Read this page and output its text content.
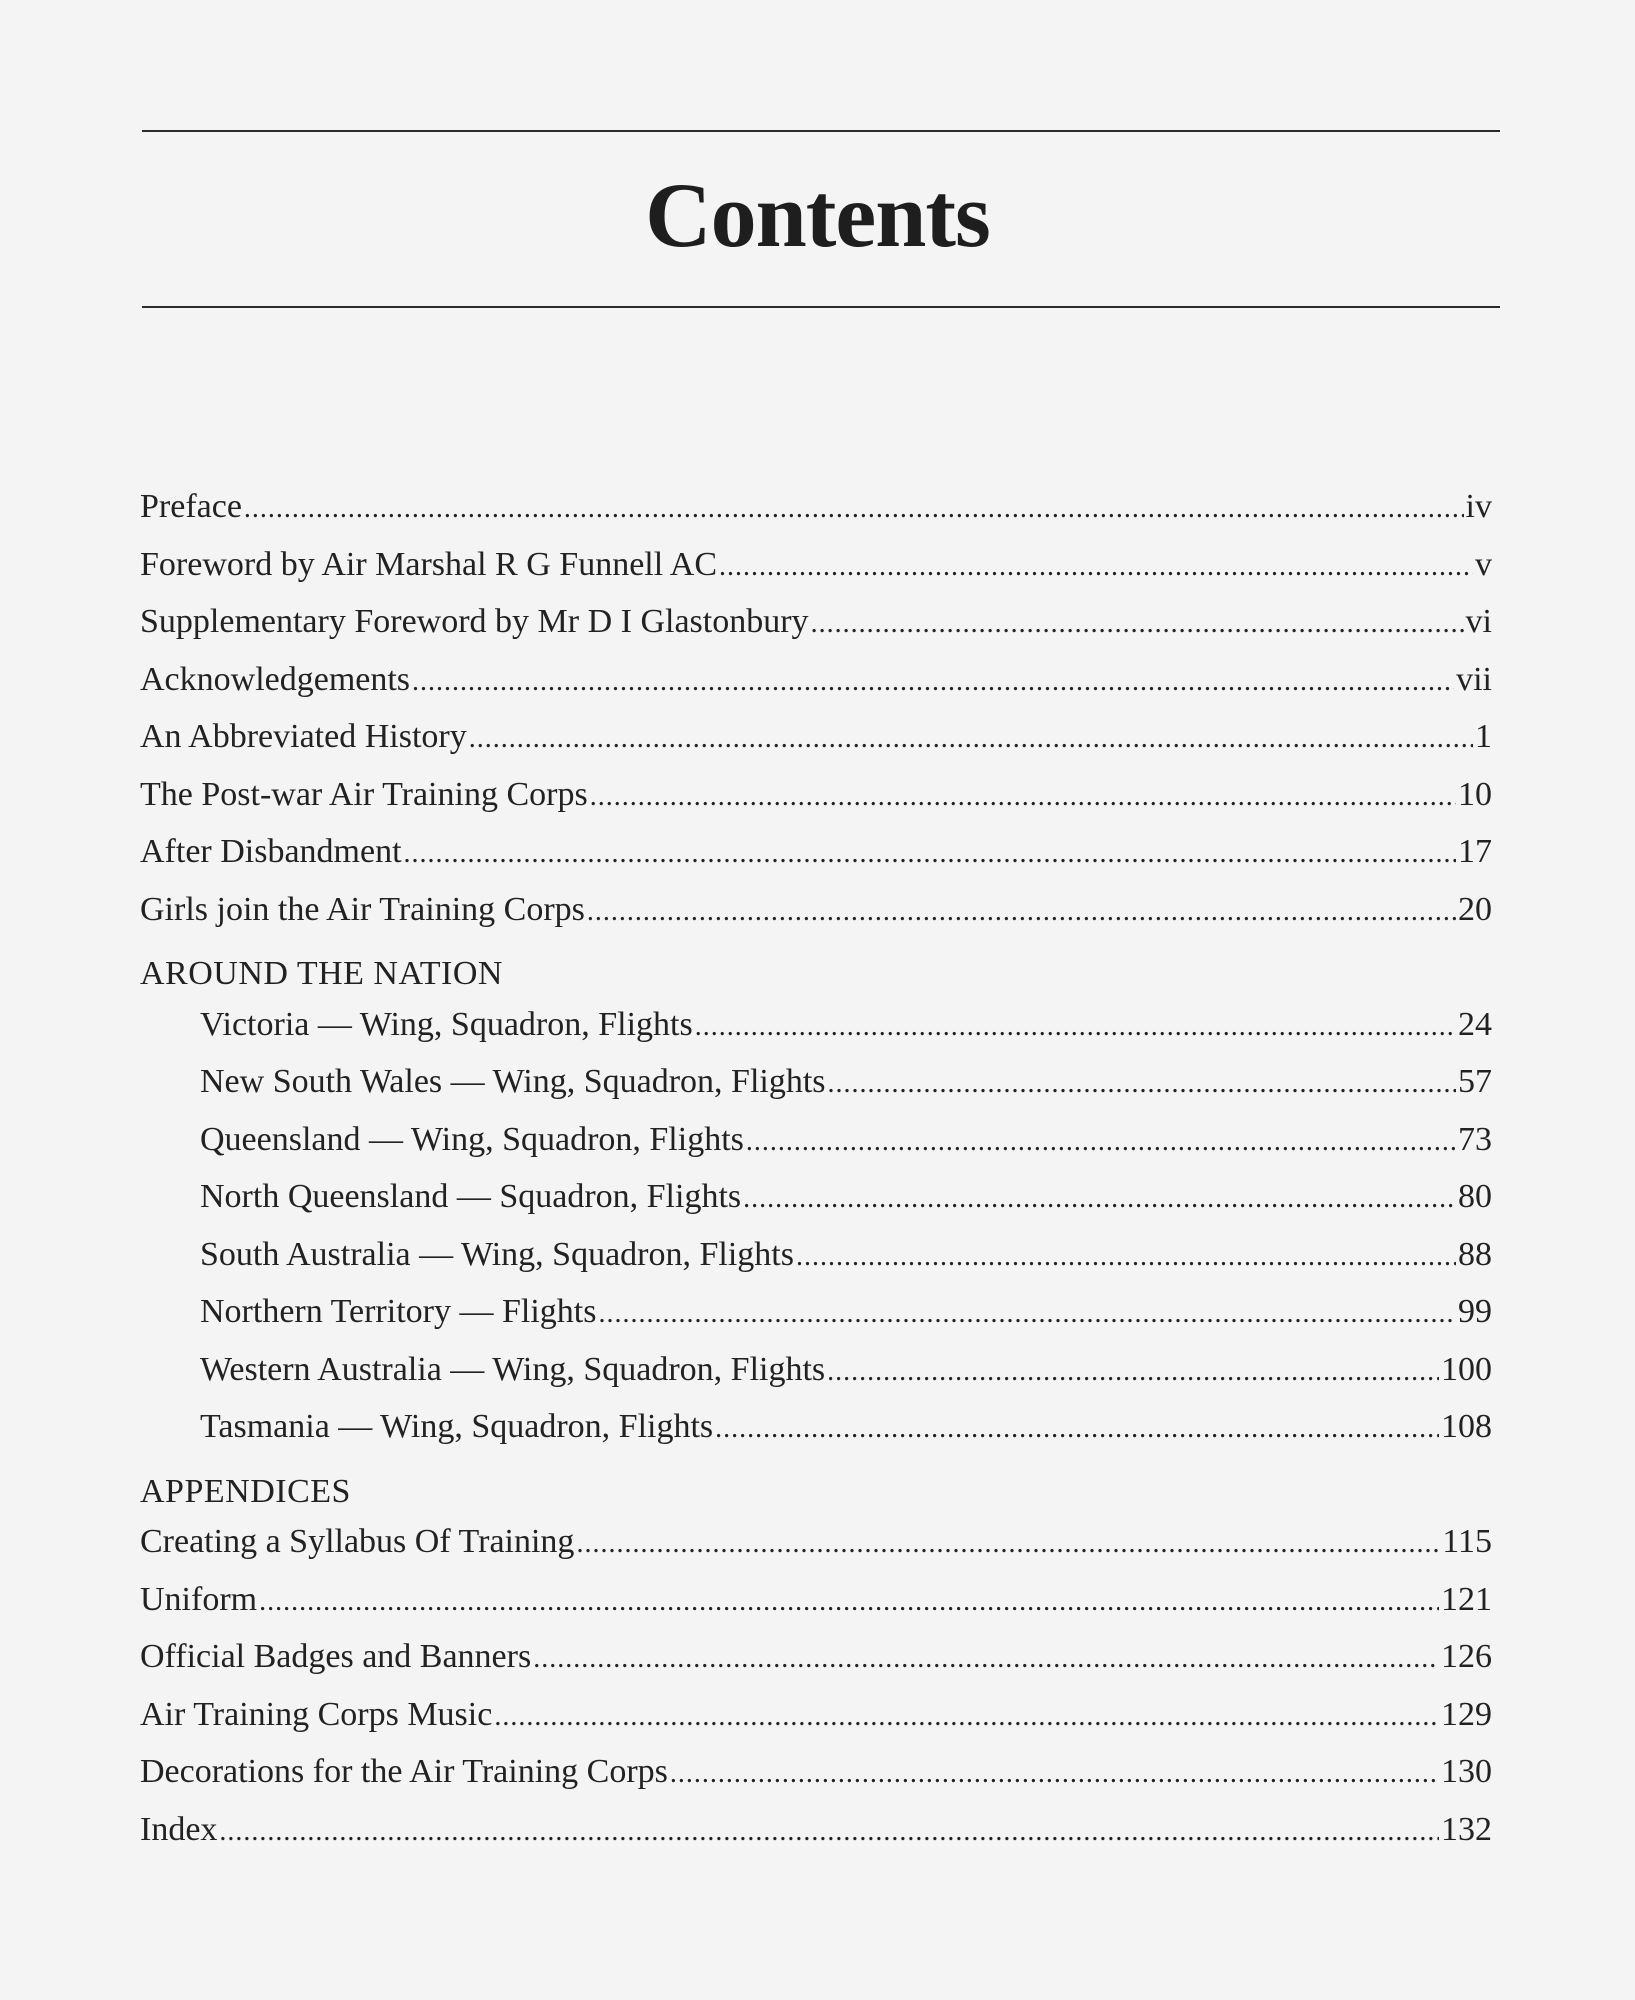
Contents
Preface .....	iv
Foreword by Air Marshal R G Funnell AC .....	v
Supplementary Foreword by Mr D I Glastonbury .....	vi
Acknowledgements .....	vii
An Abbreviated History .....	1
The Post-war Air Training Corps .....	10
After Disbandment .....	17
Girls join the Air Training Corps .....	20
AROUND THE NATION
Victoria — Wing, Squadron, Flights .....	24
New South Wales — Wing, Squadron, Flights .....	57
Queensland — Wing, Squadron, Flights .....	73
North Queensland — Squadron, Flights .....	80
South Australia — Wing, Squadron, Flights .....	88
Northern Territory — Flights .....	99
Western Australia — Wing, Squadron, Flights .....	100
Tasmania — Wing, Squadron, Flights .....	108
APPENDICES
Creating a Syllabus Of Training .....	115
Uniform .....	121
Official Badges and Banners .....	126
Air Training Corps Music .....	129
Decorations for the Air Training Corps .....	130
Index .....	132
